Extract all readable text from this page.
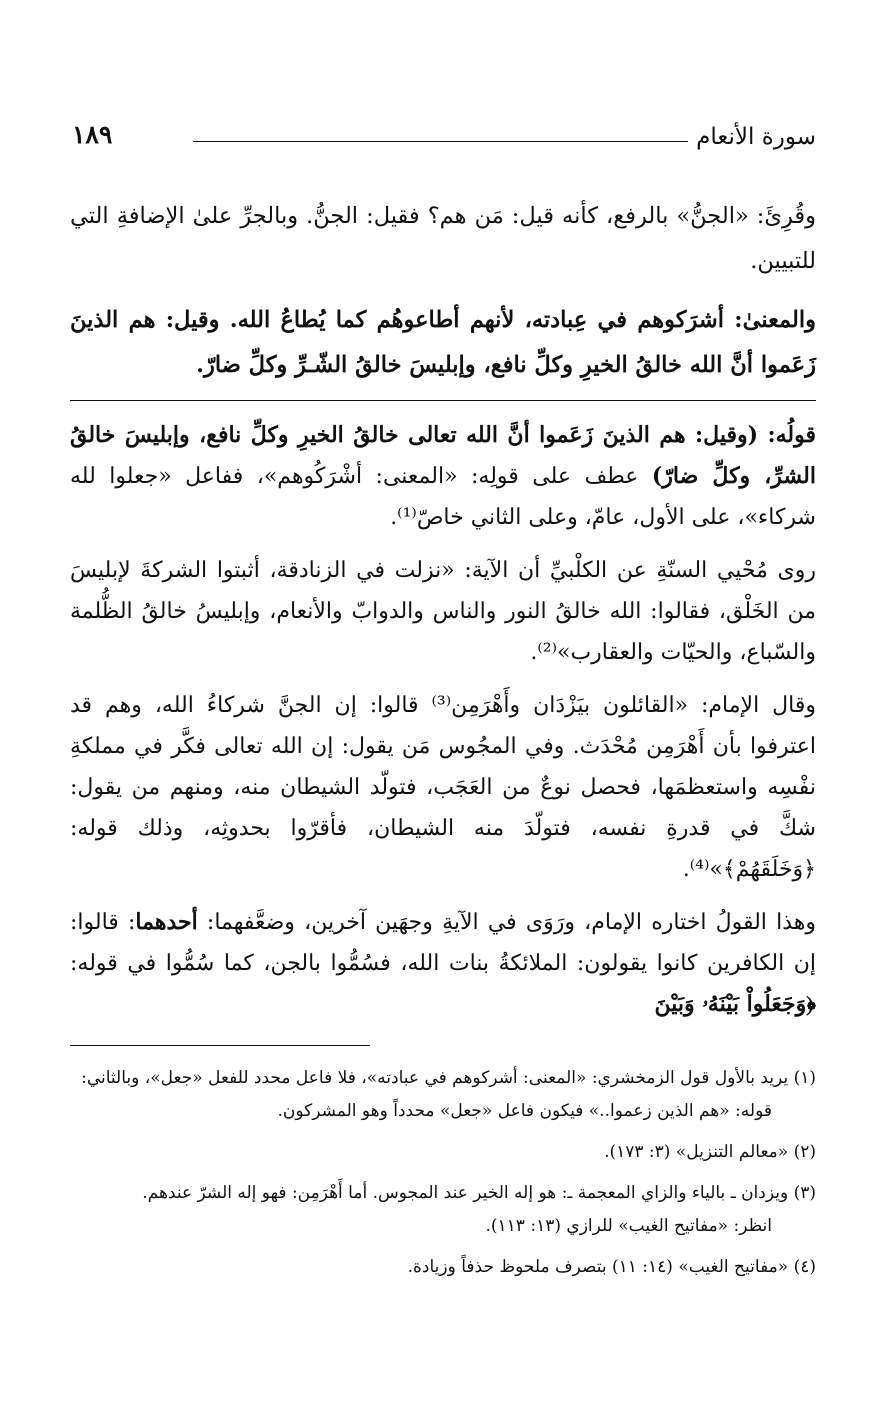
سورة الأنعام
١٨٩

وقُرِئَ: «الجنُّ» بالرفع، كأنه قيل: مَن هم؟ فقيل: الجنُّ. وبالجرِّ علىٰ الإضافةِ التي للتبيين.

والمعنىٰ: أشرَكوهم في عِبادته، لأنهم أطاعوهُم كما يُطاعُ الله. وقيل: هم الذينَ زَعَموا أنَّ الله خالقُ الخيرِ وكلِّ نافع، وإبليسَ خالقُ الشّـرِّ وكلِّ ضارّ.

قولُه: (وقيل: هم الذينَ زَعَموا أنَّ الله تعالى خالقُ الخيرِ وكلِّ نافع، وإبليسَ خالقُ الشرِّ، وكلِّ ضارّ) عطف على قولِه: «المعنى: أشْرَكُوهم»، ففاعل «جعلوا لله شركاء»، على الأول، عامّ، وعلى الثاني خاصّ⁽¹⁾.

روى مُحْيي السنّةِ عن الكلْبيِّ أن الآية: «نزلت في الزنادقة، أثبتوا الشركةَ لإبليسَ من الخَلْق، فقالوا: الله خالقُ النور والناس والدوابّ والأنعام، وإبليسُ خالقُ الظُّلمة والسّباع، والحيّات والعقارب»⁽²⁾.

وقال الإمام: «القائلون بيَزْدَان وأَهْرَمِن⁽³⁾ قالوا: إن الجنَّ شركاءُ الله، وهم قد اعترفوا بأن أَهْرَمِن مُحْدَث. وفي المجُوس مَن يقول: إن الله تعالى فكَّر في مملكةِ نفْسِه واستعظمَها، فحصل نوعٌ من العَجَب، فتولّد الشيطان منه، ومنهم من يقول: شكَّ في قدرةِ نفسه، فتولّدَ منه الشيطان، فأقرّوا بحدوثِه، وذلك قوله: ﴿وَخَلَقَهُمْ﴾»⁽⁴⁾.

وهذا القولُ اختاره الإمام، ورَوَى في الآيةِ وجهَين آخرين، وضعَّفهما: أحدهما: قالوا: إن الكافرين كانوا يقولون: الملائكةُ بنات الله، فسُمُّوا بالجن، كما سُمُّوا في قوله: ﴿وَجَعَلُواْ بَيْنَهُۥ وَبَيْنَ

(١) يريد بالأول قول الزمخشري: «المعنى: أشركوهم في عبادته»، فلا فاعل محدد للفعل «جعل»، وبالثاني:
قوله: «هم الذين زعموا..» فيكون فاعل «جعل» محدداً وهو المشركون.

(٢) «معالم التنزيل» (٣: ١٧٣).

(٣) ويزدان ـ بالياء والزاي المعجمة ـ: هو إله الخير عند المجوس. أما أَهْرَمِن: فهو إله الشرّ عندهم.
انظر: «مفاتيح الغيب» للرازي (١٣: ١١٣).

(٤) «مفاتيح الغيب» (١٤: ١١) بتصرف ملحوظ حذفاً وزيادة.
